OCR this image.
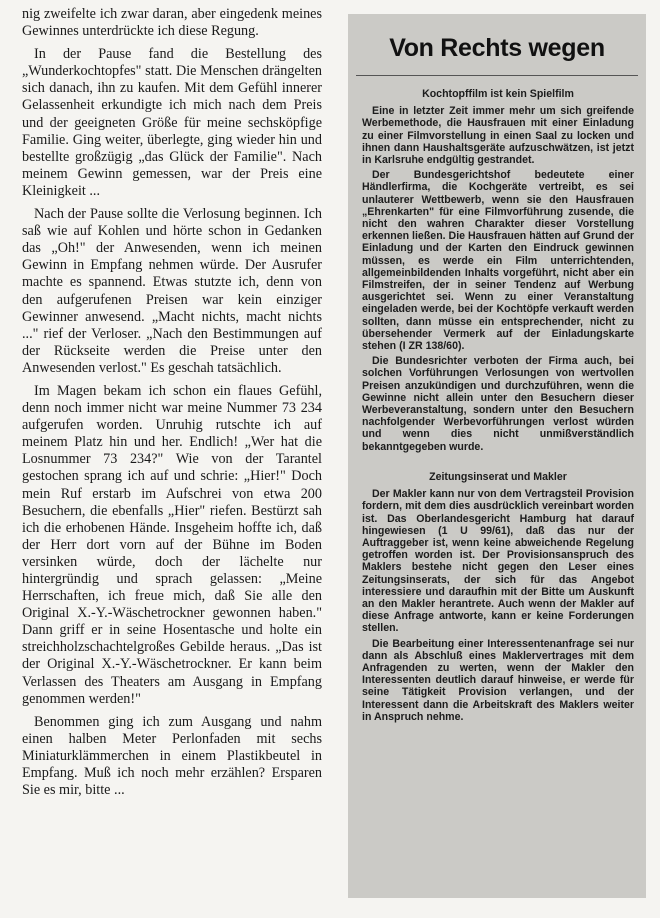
nig zweifelte ich zwar daran, aber eingedenk meines Gewinnes unterdrückte ich diese Regung.

In der Pause fand die Bestellung des „Wunderkochtopfes" statt. Die Menschen drängelten sich danach, ihn zu kaufen. Mit dem Gefühl innerer Gelassenheit erkundigte ich mich nach dem Preis und der geeigneten Größe für meine sechsköpfige Familie. Ging weiter, überlegte, ging wieder hin und bestellte großzügig „das Glück der Familie". Nach meinem Gewinn gemessen, war der Preis eine Kleinigkeit ...

Nach der Pause sollte die Verlosung beginnen. Ich saß wie auf Kohlen und hörte schon in Gedanken das „Oh!" der Anwesenden, wenn ich meinen Gewinn in Empfang nehmen würde. Der Ausrufer machte es spannend. Etwas stutzte ich, denn von den aufgerufenen Preisen war kein einziger Gewinner anwesend. „Macht nichts, macht nichts ..." rief der Verloser. „Nach den Bestimmungen auf der Rückseite werden die Preise unter den Anwesenden verlost." Es geschah tatsächlich.

Im Magen bekam ich schon ein flaues Gefühl, denn noch immer nicht war meine Nummer 73 234 aufgerufen worden. Unruhig rutschte ich auf meinem Platz hin und her. Endlich! „Wer hat die Losnummer 73 234?" Wie von der Tarantel gestochen sprang ich auf und schrie: „Hier!" Doch mein Ruf erstarb im Aufschrei von etwa 200 Besuchern, die ebenfalls „Hier" riefen. Bestürzt sah ich die erhobenen Hände. Insgeheim hoffte ich, daß der Herr dort vorn auf der Bühne im Boden versinken würde, doch der lächelte nur hintergründig und sprach gelassen: „Meine Herrschaften, ich freue mich, daß Sie alle den Original X.-Y.-Wäschetrockner gewonnen haben." Dann griff er in seine Hosentasche und holte ein streichholzschachtelgroßes Gebilde heraus. „Das ist der Original X.-Y.-Wäschetrockner. Er kann beim Verlassen des Theaters am Ausgang in Empfang genommen werden!"

Benommen ging ich zum Ausgang und nahm einen halben Meter Perlonfaden mit sechs Miniaturklämmerchen in einem Plastikbeutel in Empfang. Muß ich noch mehr erzählen? Ersparen Sie es mir, bitte ...

Von Rechts wegen
Kochtopffilm ist kein Spielfilm

Eine in letzter Zeit immer mehr um sich greifende Werbemethode, die Hausfrauen mit einer Einladung zu einer Filmvorstellung in einen Saal zu locken und ihnen dann Haushaltsgeräte aufzuschwätzen, ist jetzt in Karlsruhe endgültig gestrandet.

Der Bundesgerichtshof bedeutete einer Händlerfirma, die Kochgeräte vertreibt, es sei unlauterer Wettbewerb, wenn sie den Hausfrauen „Ehrenkarten" für eine Filmvorführung zusende, die nicht den wahren Charakter dieser Vorstellung erkennen ließen. Die Hausfrauen hätten auf Grund der Einladung und der Karten den Eindruck gewinnen müssen, es werde ein Film unterrichtenden, allgemeinbildenden Inhalts vorgeführt, nicht aber ein Filmstreifen, der in seiner Tendenz auf Werbung ausgerichtet sei. Wenn zu einer Veranstaltung eingeladen werde, bei der Kochtöpfe verkauft werden sollten, dann müsse ein entsprechender, nicht zu übersehender Vermerk auf der Einladungskarte stehen (I ZR 138/60).

Die Bundesrichter verboten der Firma auch, bei solchen Vorführungen Verlosungen von wertvollen Preisen anzukündigen und durchzuführen, wenn die Gewinne nicht allein unter den Besuchern dieser Werbeveranstaltung, sondern unter den Besuchern nachfolgender Werbevorführungen verlost würden und wenn dies nicht unmißverständlich bekanntgegeben wurde.

Zeitungsinserat und Makler

Der Makler kann nur von dem Vertragsteil Provision fordern, mit dem dies ausdrücklich vereinbart worden ist. Das Oberlandesgericht Hamburg hat darauf hingewiesen (1 U 99/61), daß das nur der Auftraggeber ist, wenn keine abweichende Regelung getroffen worden ist. Der Provisionsanspruch des Maklers bestehe nicht gegen den Leser eines Zeitungsinserats, der sich für das Angebot interessiere und daraufhin mit der Bitte um Auskunft an den Makler herantrete. Auch wenn der Makler auf diese Anfrage antworte, kann er keine Forderungen stellen.

Die Bearbeitung einer Interessentenanfrage sei nur dann als Abschluß eines Maklervertrages mit dem Anfragenden zu werten, wenn der Makler den Interessenten deutlich darauf hinweise, er werde für seine Tätigkeit Provision verlangen, und der Interessent dann die Arbeitskraft des Maklers weiter in Anspruch nehme.
